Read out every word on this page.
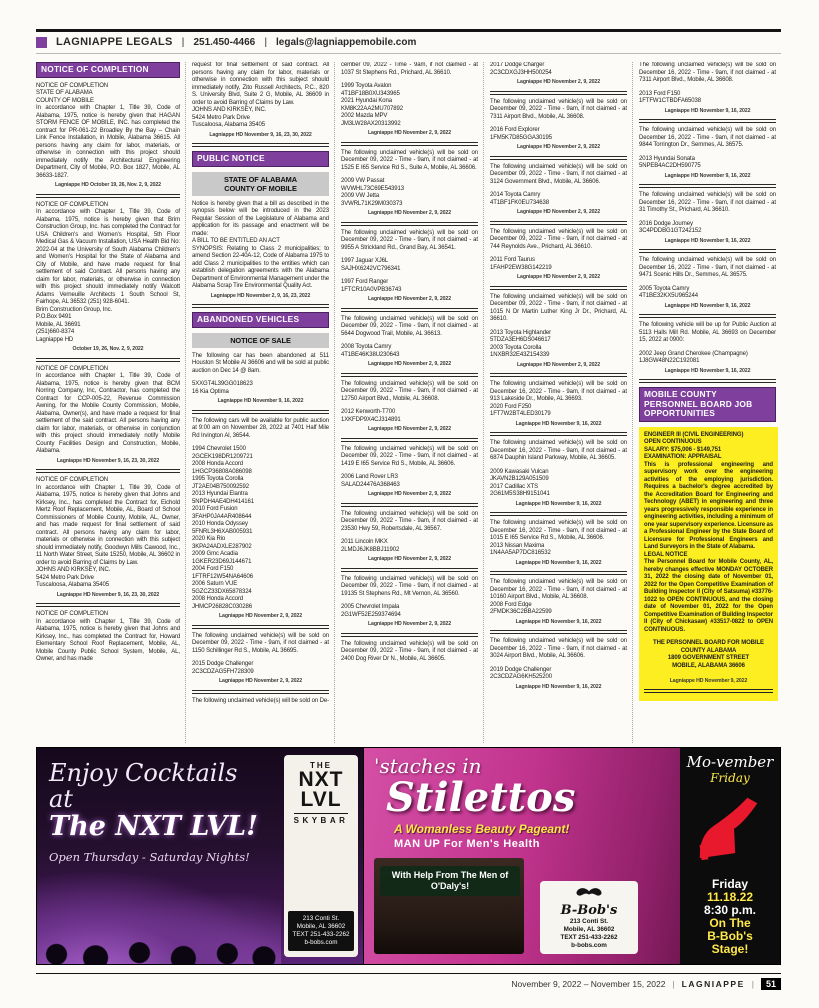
LAGNIAPPE LEGALS | 251.450-4466 | legals@lagniappemobile.com
NOTICE OF COMPLETION
NOTICE OF COMPLETION
STATE OF ALABAMA
COUNTY OF MOBILE
In accordance with Chapter 1, Title 39, Code of Alabama, 1975, notice is hereby given that HAGAN STORM FENCE OF MOBILE, INC. has completed the contract for PR-061-22 Broadley By the Bay – Chain Link Fence Installation, in Mobile, Alabama 36615. All persons having any claim for labor, materials, or otherwise in connection with this project should immediately notify the Architectural Engineering Department, City of Mobile, P.O. Box 1827, Mobile, AL 36633-1827.
Lagniappe HD October 19, 26, Nov. 2, 9, 2022
NOTICE OF COMPLETION
In accordance with Chapter 1, Title 39, Code of Alabama, 1975, notice is hereby given that Brim Construction Group, Inc. has completed the Contract for USA Children's and Women's Hospital, 5th Floor Medical Gas & Vacuum Installation, USA Health Bid No: 2022-04 at the University of South Alabama Children's and Women's Hospital for the State of Alabama and City of Mobile, and have made request for final settlement of said Contract. All persons having any claim for labor, materials, or otherwise in connection with this project should immediately notify Walcott Adams Verneuille Architects 1 South School St, Fairhope, AL 36532 (251) 928-6041.
Brim Construction Group, Inc.
P.O.Box 9491
Mobile, AL 36691
(251)660-8374
Lagniappe HD
October 19, 26, Nov. 2, 9, 2022
NOTICE OF COMPLETION
In accordance with Chapter 1, Title 39, Code of Alabama, 1975, notice is hereby given that BCM Norring Company, Inc, Contractor, has completed the Contract for CCP-005-22, Revenue Commission Awning, for the Mobile County Commission, Mobile, Alabama, Owner(s), and have made a request for final settlement of the said contract. All persons having any claim for labor, materials, or otherwise in conjunction with this project should immediately notify Mobile County Facilities Design and Construction, Mobile, Alabama.
Lagniappe HD November 9, 16, 23, 30, 2022
NOTICE OF COMPLETION
In accordance with Chapter 1, Title 39, Code of Alabama, 1975, notice is hereby given that Johns and Kirksey, Inc., has completed the Contract for, Eichold Mertz Roof Replacement, Mobile, AL, Board of School Commissioners of Mobile County, Mobile, AL, Owner, and has made request for final settlement of said contract. All persons having any claim for labor, materials or otherwise in connection with this subject should immediately notify, Goodwyn Mills Cawood, Inc., 11 North Water Street, Suite 15250, Mobile, AL 36602 in order to avoid Barring of Claims by Law.
JOHNS AND KIRKSEY, INC.
5424 Metro Park Drive
Tuscaloosa, Alabama 35405
Lagniappe HD November 9, 16, 23, 30, 2022
NOTICE OF COMPLETION
In accordance with Chapter 1, Title 39, Code of Alabama, 1975, notice is hereby given that Johns and Kirksey, Inc., has completed the Contract for, Howard Elementary School Roof Replacement, Mobile, AL, Mobile County Public School System, Mobile, AL, Owner, and has made
request for final settlement of said contract. All persons having any claim for labor, materials or otherwise in connection with this subject should immediately notify, Zito Russell Architects, P.C., 820 S. University Blvd, Suite 2 G, Mobile, AL 36609 in order to avoid Barring of Claims by Law.
JOHNS AND KIRKSEY, INC.
5424 Metro Park Drive
Tuscaloosa, Alabama 35405
Lagniappe HD November 9, 16, 23, 30, 2022
PUBLIC NOTICE
STATE OF ALABAMA
COUNTY OF MOBILE
Notice is hereby given that a bill as described in the synopsis below will be introduced in the 2023 Regular Session of the Legislature of Alabama and application for its passage and enactment will be made:
A BILL TO BE ENTITLED AN ACT
SYNOPSIS: Relating to Class 2 municipalities; to amend Section 22-40A-12, Code of Alabama 1975 to add Class 2 municipalities to the entities which can establish delegation agreements with the Alabama Department of Environmental Management under the Alabama Scrap Tire Environmental Quality Act.
Lagniappe HD November 2, 9, 16, 23, 2022
ABANDONED VEHICLES
NOTICE OF SALE
The following car has been abandoned at 511 Houston St Mobile Al 36606 and will be sold at public auction on Dec 14 @ 8am.
5XXGT4L39GG018623
16 Kia Optima
Lagniappe HD November 9, 16, 2022
The following cars will be available for public auction at 9:00 am on November 28, 2022 at 7401 Half Mile Rd Irvington Al, 36544.
1994 Chevrolet 1500
2GCEK198DR1209721
2008 Honda Accord
1HGCP36808A086098
1995 Toyota Corolla
JT2AE04B750092592
2013 Hyundai Elantra
5NPDH4AE4DH414161
2010 Ford Fusion
3FAHP0JA4AR408644
2010 Honda Odyssey
5FNRL3H6XAB005931
2020 Kia Rio
3KPA24ADXLE287902
2009 Gmc Acadia
1GKER23D69J144671
2004 Ford F150
1FTRF12W54NA64606
2006 Saturn VUE
5GZCZ33DX65878324
2008 Honda Accord
JHMCP26828C030286
Lagniappe HD November 2, 9, 2022
The following unclaimed vehicle(s) will be sold on December 09, 2022 - Time - 9am, if not claimed - at 1150 Schillinger Rd S., Mobile, AL 36695.
2015 Dodge Challenger
2C3CDZAG5FH728309
Lagniappe HD November 2, 9, 2022
The following unclaimed vehicle(s) will be sold on De-
cember 09, 2022 - Time - 9am, if not claimed - at 1037 St Stephens Rd., Prichard, AL 36610.
1999 Toyota Avalon
4T1BF18B0XU343965
2021 Hyundai Kona
KM8K22AA2MU707892
2002 Mazda MPV
JM3LW28AX20313992
Lagniappe HD November 2, 9, 2022
The following unclaimed vehicle(s) will be sold on December 09, 2022 - Time - 9am, if not claimed - at 1525 E I65 Service Rd S., Suite A, Mobile, AL 36606.
2009 VW Passat
WVWHL73C69E543913
2009 VW Jetta
3VWRL71K29M030373
Lagniappe HD November 2, 9, 2022
The following unclaimed vehicle(s) will be sold on December 09, 2022 - Time - 9am, if not claimed - at 9955 A Strickland Rd., Grand Bay, AL 36541.
1997 Jaguar XJ6L
SAJHX6242VC796341
1997 Ford Ranger
1FTCR10A0VPB36743
Lagniappe HD November 2, 9, 2022
The following unclaimed vehicle(s) will be sold on December 09, 2022 - Time - 9am, if not claimed - at 5644 Dogwood Trail, Mobile, AL 36613.
2008 Toyota Camry
4T1BE46K38U230643
Lagniappe HD November 2, 9, 2022
The following unclaimed vehicle(s) will be sold on December 09, 2022 - Time - 9am, if not claimed - at 12750 Airport Blvd., Mobile, AL 36608.
2012 Kenworth-T700
1XKFDP9X4CJ314891
Lagniappe HD November 2, 9, 2022
The following unclaimed vehicle(s) will be sold on December 09, 2022 - Time - 9am, if not claimed - at 1419 E I65 Service Rd S., Mobile, AL 36606.
2006 Land Rover LR3
SALAD24476A368463
Lagniappe HD November 2, 9, 2022
The following unclaimed vehicle(s) will be sold on December 09, 2022 - Time - 9am, if not claimed - at 23530 Hwy 59, Robertsdale, AL 36567.
2011 Lincoln MKX
2LMDJ6JK8BBJ11902
Lagniappe HD November 2, 9, 2022
The following unclaimed vehicle(s) will be sold on December 09, 2022 - Time - 9am, if not claimed - at 19135 St Stephens Rd., Mt Vernon, AL 36560.
2005 Chevrolet Impala
2G1WF52E259374694
Lagniappe HD November 2, 9, 2022
The following unclaimed vehicle(s) will be sold on December 09, 2022 - Time - 9am, if not claimed - at 2400 Dog River Dr N., Mobile, AL 36605.
2017 Dodge Charger
2C3CDXGJ3HH500254
Lagniappe HD November 2, 9, 2022
The following unclaimed vehicle(s) will be sold on December 09, 2022 - Time - 9am, if not claimed - at 7311 Airport Blvd., Mobile, AL 36608.
2016 Ford Explorer
1FM5K7D85GGA30195
Lagniappe HD November 2, 9, 2022
The following unclaimed vehicle(s) will be sold on December 09, 2022 - Time - 9am, if not claimed - at 3124 Government Blvd., Mobile, AL 36606.
2014 Toyota Camry
4T1BF1FK0EU734638
Lagniappe HD November 2, 9, 2022
The following unclaimed vehicle(s) will be sold on December 09, 2022 - Time - 9am, if not claimed - at 744 Reynolds Ave., Prichard, AL 36610.
2011 Ford Taurus
1FAHP2EW38G142219
Lagniappe HD November 2, 9, 2022
The following unclaimed vehicle(s) will be sold on December 09, 2022 - Time - 9am, if not claimed - at 1015 N Dr Martin Luther King Jr Dr., Prichard, AL 36610.
2013 Toyota Highlander
5TDZA3EH6DS046617
2003 Toyota Corolla
1NXBR32E43Z154339
Lagniappe HD November 2, 9, 2022
The following unclaimed vehicle(s) will be sold on December 16, 2022 - Time - 9am, if not claimed - at 913 Lakeside Dr., Mobile, AL 36693.
2020 Ford F250
1FT7W2BT4LED30179
Lagniappe HD November 9, 16, 2022
The following unclaimed vehicle(s) will be sold on December 16, 2022 - Time - 9am, if not claimed - at 6874 Dauphin Island Parkway, Mobile, AL 36605.
2009 Kawasaki Vulcan
JKAVN2B129A051509
2017 Cadillac XTS
2G61M5S38H9151041
Lagniappe HD November 9, 16, 2022
The following unclaimed vehicle(s) will be sold on December 16, 2022 - Time - 9am, if not claimed - at 1015 E I65 Service Rd S., Mobile, AL 36606.
2013 Nissan Maxima
1N4AA5AP7DC816532
Lagniappe HD November 9, 16, 2022
The following unclaimed vehicle(s) will be sold on December 16, 2022 - Time - 9am, if not claimed - at 10160 Airport Blvd., Mobile, AL 36608.
2008 Ford Edge
2FMDK36C2BBA22599
Lagniappe HD November 9, 16, 2022
The following unclaimed vehicle(s) will be sold on December 16, 2022 - Time - 9am, if not claimed - at 3024 Airport Blvd., Mobile, AL 36606.
2019 Dodge Challenger
2C3CDZAG6KH525200
Lagniappe HD November 9, 16, 2022
The following unclaimed vehicle(s) will be sold on December 16, 2022 - Time - 9am, if not claimed - at 7311 Airport Blvd., Mobile, AL 36608.
2013 Ford F150
1FTFW1CTBDFA65038
Lagniappe HD November 9, 16, 2022
The following unclaimed vehicle(s) will be sold on December 16, 2022 - Time - 9am, if not claimed - at 9844 Torrington Dr., Semmes, AL 36575.
2013 Hyundai Sonata
5NPEB4AC2DH590775
Lagniappe HD November 9, 16, 2022
The following unclaimed vehicle(s) will be sold on December 16, 2022 - Time - 9am, if not claimed - at 31 Timothy St., Prichard, AL 36610.
2016 Dodge Journey
3C4PDDBG1GT242152
Lagniappe HD November 9, 16, 2022
The following unclaimed vehicle(s) will be sold on December 16, 2022 - Time - 9am, if not claimed - at 9471 Scenic Hills Dr., Semmes, AL 36575.
2005 Toyota Camry
4T1BE32KX5U965244
Lagniappe HD November 9, 16, 2022
The following vehicle will be up for Public Auction at 5113 Halls Mill Rd. Mobile, AL 36693 on December 15, 2022 at 0900:
2002 Jeep Grand Cherokee (Champagne)
1J8GW48N22C192081
Lagniappe HD November 9, 16, 2022
MOBILE COUNTY PERSONNEL BOARD JOB OPPORTUNITIES
ENGINEER III (CIVIL ENGINEERING)
OPEN CONTINUOUS
SALARY: $75,006 - $149,751
EXAMINATION: APPRAISAL
This is professional engineering and supervisory work over the engineering activities of the employing jurisdiction. Requires a bachelor's degree accredited by the Accreditation Board for Engineering and Technology (ABET) in engineering and three years progressively responsible experience in engineering activities, including a minimum of one year supervisory experience. Licensure as a Professional Engineer by the State Board of Licensure for Professional Engineers and Land Surveyors in the State of Alabama.
LEGAL NOTICE
The Personnel Board for Mobile County, AL, hereby changes effective MONDAY OCTOBER 31, 2022 the closing date of November 01, 2022 for the Open Competitive Examination of Building Inspector II (City of Satsuma) #33776-1022 to OPEN CONTINUOUS, and the closing date of November 01, 2022 for the Open Competitive Examination of Building Inspector II (City of Chickasaw) #33517-0822 to OPEN CONTINUOUS.
THE PERSONNEL BOARD FOR MOBILE COUNTY ALABAMA
1809 GOVERNMENT STREET
MOBILE, ALABAMA 36606
Lagniappe HD November 9, 2022
Enjoy Cocktails at
The NXT LVL!
Open Thursday - Saturday Nights!
THE
NXT
LVL
SKYBAR
213 Conti St.
Mobile, AL 36602
TEXT 251-433-2262
b-bobs.com
'staches in
Stilettos
A Womanless Beauty Pageant!
MAN UP For Men's Health
With Help From The Men of O'Daly's!
B-Bob's
213 Conti St.
Mobile, AL 36602
TEXT 251-433-2262
b-bobs.com
Mo-vember
Friday
Friday
11.18.22
8:30 p.m.
On The
B-Bob's
Stage!
November 9, 2022 – November 15, 2022 | LAGNIAPPE |	51
